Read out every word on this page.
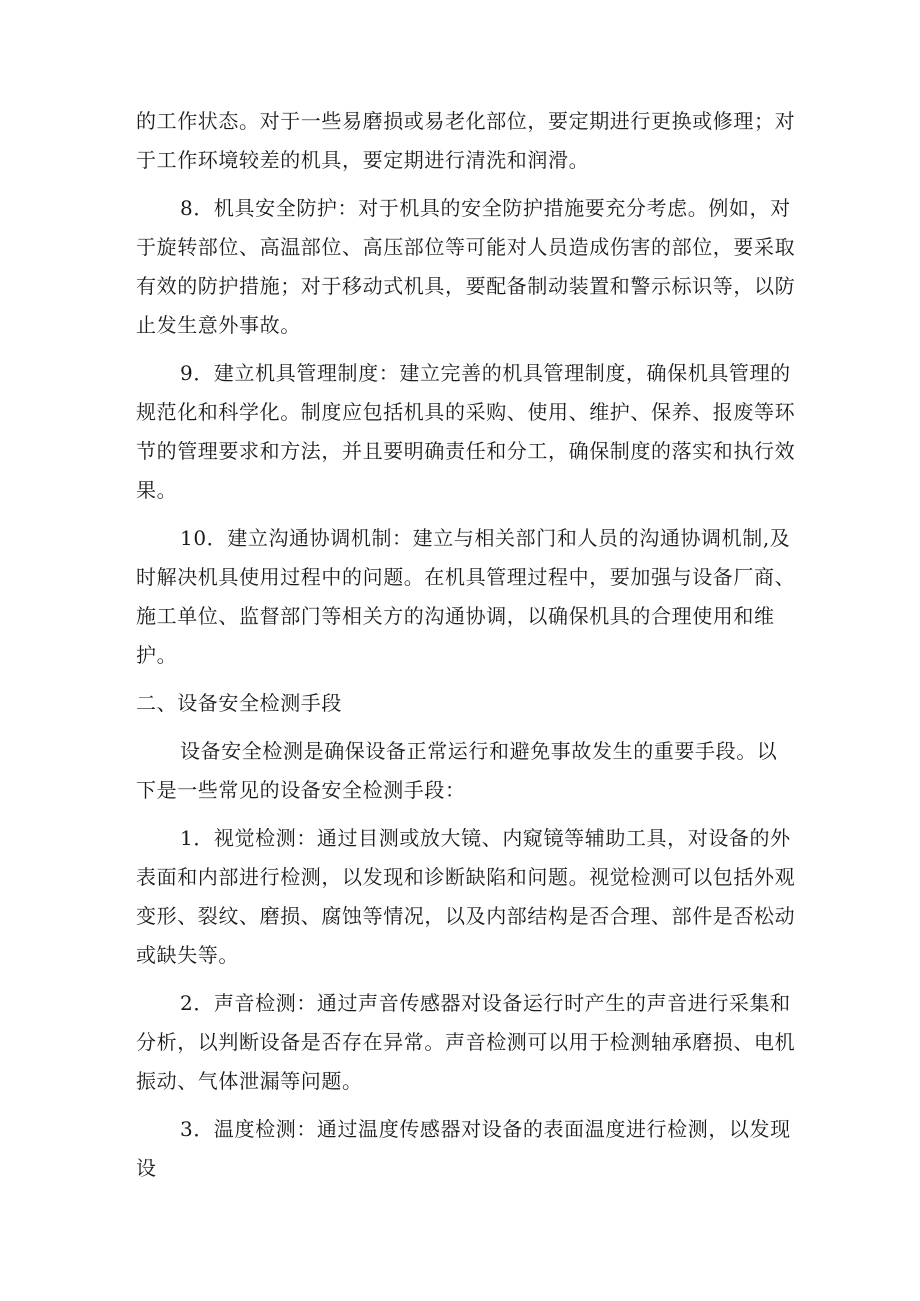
的工作状态。对于一些易磨损或易老化部位，要定期进行更换或修理；对于工作环境较差的机具，要定期进行清洗和润滑。

8．机具安全防护：对于机具的安全防护措施要充分考虑。例如，对于旋转部位、高温部位、高压部位等可能对人员造成伤害的部位，要采取有效的防护措施；对于移动式机具，要配备制动装置和警示标识等，以防止发生意外事故。

9．建立机具管理制度：建立完善的机具管理制度，确保机具管理的规范化和科学化。制度应包括机具的采购、使用、维护、保养、报废等环节的管理要求和方法，并且要明确责任和分工，确保制度的落实和执行效果。

10．建立沟通协调机制：建立与相关部门和人员的沟通协调机制,及时解决机具使用过程中的问题。在机具管理过程中，要加强与设备厂商、施工单位、监督部门等相关方的沟通协调，以确保机具的合理使用和维护。

二、设备安全检测手段

设备安全检测是确保设备正常运行和避免事故发生的重要手段。以下是一些常见的设备安全检测手段：

1．视觉检测：通过目测或放大镜、内窥镜等辅助工具，对设备的外表面和内部进行检测，以发现和诊断缺陷和问题。视觉检测可以包括外观变形、裂纹、磨损、腐蚀等情况，以及内部结构是否合理、部件是否松动或缺失等。

2．声音检测：通过声音传感器对设备运行时产生的声音进行采集和分析，以判断设备是否存在异常。声音检测可以用于检测轴承磨损、电机振动、气体泄漏等问题。

3．温度检测：通过温度传感器对设备的表面温度进行检测，以发现设
